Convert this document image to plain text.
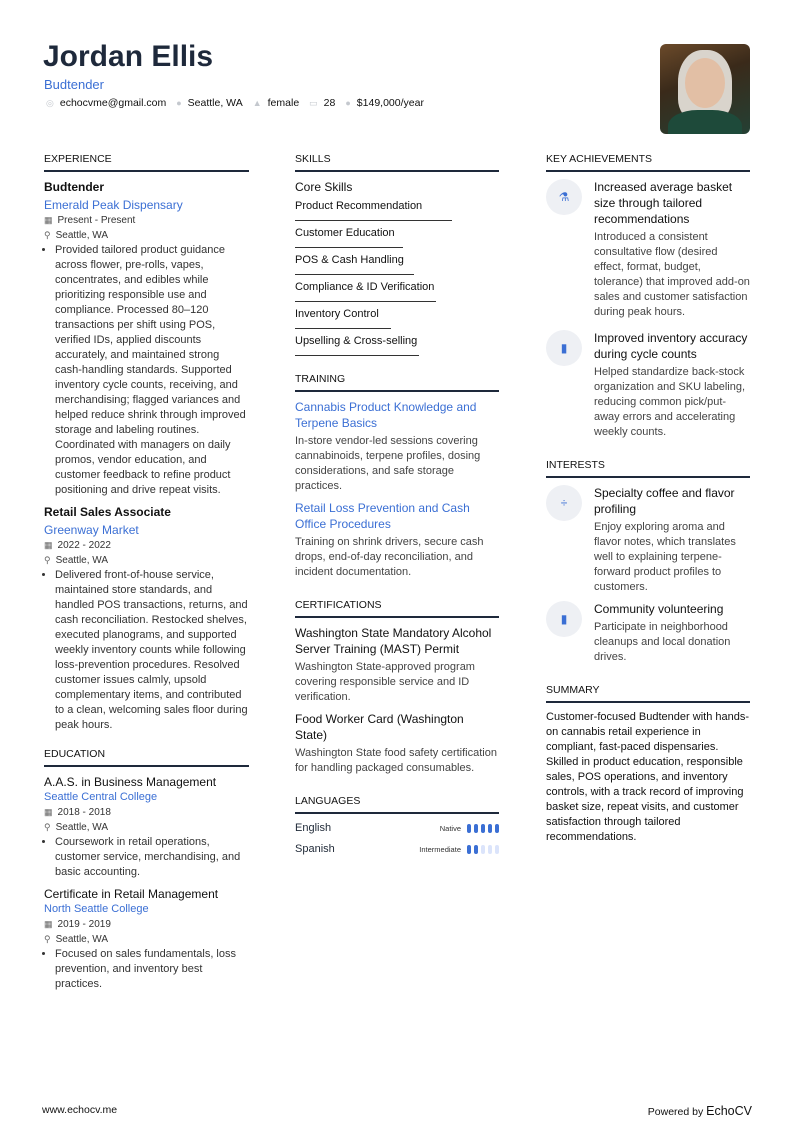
Jordan Ellis
Budtender
◎ echocvme@gmail.com ● Seattle, WA ▲ female ▭ 28 ● $149,000/year
EXPERIENCE
Budtender
Emerald Peak Dispensary
▦ Present - Present
⚲ Seattle, WA
• Provided tailored product guidance across flower, pre-rolls, vapes, concentrates, and edibles while prioritizing responsible use and compliance. Processed 80–120 transactions per shift using POS, verified IDs, applied discounts accurately, and maintained strong cash-handling standards. Supported inventory cycle counts, receiving, and merchandising; flagged variances and helped reduce shrink through improved storage and labeling routines. Coordinated with managers on daily promos, vendor education, and customer feedback to refine product positioning and drive repeat visits.
Retail Sales Associate
Greenway Market
▦ 2022 - 2022
⚲ Seattle, WA
• Delivered front-of-house service, maintained store standards, and handled POS transactions, returns, and cash reconciliation. Restocked shelves, executed planograms, and supported weekly inventory counts while following loss-prevention procedures. Resolved customer issues calmly, upsold complementary items, and contributed to a clean, welcoming sales floor during peak hours.
EDUCATION
A.A.S. in Business Management
Seattle Central College
▦ 2018 - 2018
⚲ Seattle, WA
• Coursework in retail operations, customer service, merchandising, and basic accounting.
Certificate in Retail Management
North Seattle College
▦ 2019 - 2019
⚲ Seattle, WA
• Focused on sales fundamentals, loss prevention, and inventory best practices.
SKILLS
Core Skills
Product Recommendation
Customer Education
POS & Cash Handling
Compliance & ID Verification
Inventory Control
Upselling & Cross-selling
TRAINING
Cannabis Product Knowledge and Terpene Basics
In-store vendor-led sessions covering cannabinoids, terpene profiles, dosing considerations, and safe storage practices.
Retail Loss Prevention and Cash Office Procedures
Training on shrink drivers, secure cash drops, end-of-day reconciliation, and incident documentation.
CERTIFICATIONS
Washington State Mandatory Alcohol Server Training (MAST) Permit
Washington State-approved program covering responsible service and ID verification.
Food Worker Card (Washington State)
Washington State food safety certification for handling packaged consumables.
LANGUAGES
English	Native
Spanish	Intermediate
KEY ACHIEVEMENTS
⚗
Increased average basket size through tailored recommendations
Introduced a consistent consultative flow (desired effect, format, budget, tolerance) that improved add-on sales and customer satisfaction during peak hours.
▮
Improved inventory accuracy during cycle counts
Helped standardize back-stock organization and SKU labeling, reducing common pick/put-away errors and accelerating weekly counts.
INTERESTS
÷
Specialty coffee and flavor profiling
Enjoy exploring aroma and flavor notes, which translates well to explaining terpene-forward product profiles to customers.
▮
Community volunteering
Participate in neighborhood cleanups and local donation drives.
SUMMARY
Customer-focused Budtender with hands-on cannabis retail experience in compliant, fast-paced dispensaries. Skilled in product education, responsible sales, POS operations, and inventory controls, with a track record of improving basket size, repeat visits, and customer satisfaction through tailored recommendations.
www.echocv.me	Powered by EchoCV
